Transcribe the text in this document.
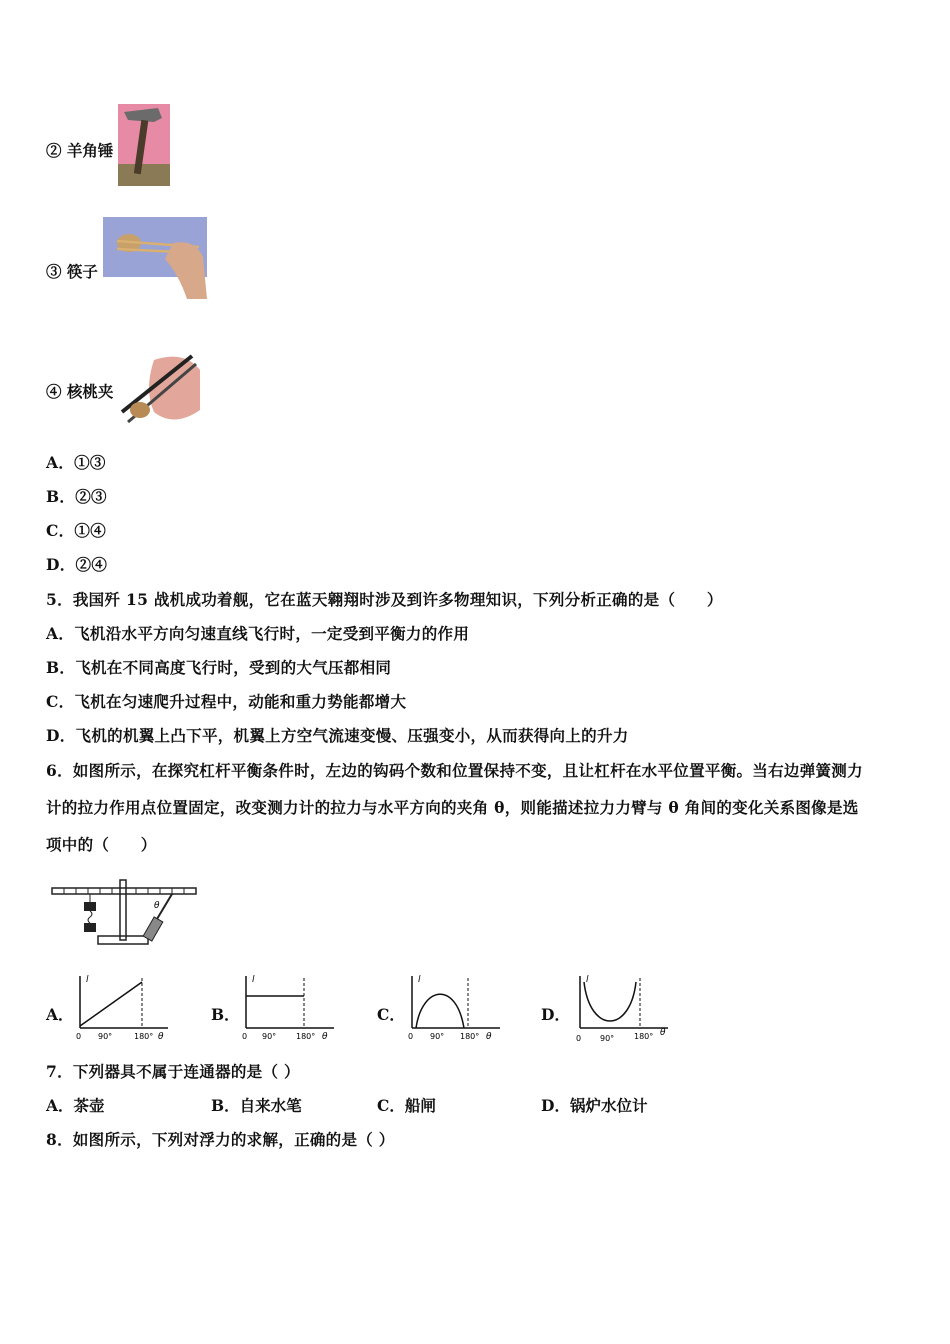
② 羊角锤
③ 筷子
④ 核桃夹
A．①③
B．②③
C．①④
D．②④
5．我国歼 15 战机成功着舰，它在蓝天翱翔时涉及到许多物理知识，下列分析正确的是（　　）
A．飞机沿水平方向匀速直线飞行时，一定受到平衡力的作用
B．飞机在不同高度飞行时，受到的大气压都相同
C．飞机在匀速爬升过程中，动能和重力势能都增大
D．飞机的机翼上凸下平，机翼上方空气流速变慢、压强变小，从而获得向上的升力
6．如图所示，在探究杠杆平衡条件时，左边的钩码个数和位置保持不变，且让杠杆在水平位置平衡。当右边弹簧测力
计的拉力作用点位置固定，改变测力计的拉力与水平方向的夹角 θ，则能描述拉力力臂与 θ 角间的变化关系图像是选
项中的（　　）
θ
A．	B．	C．	D．
l
0 90°	180° θ
l
0 90° 180° θ
l
0 90° 180° θ
l
0 90° 180° θ
7．下列器具不属于连通器的是（ ）
A．茶壶	B．自来水笔	C．船闸	D．锅炉水位计
8．如图所示，下列对浮力的求解，正确的是（ ）
